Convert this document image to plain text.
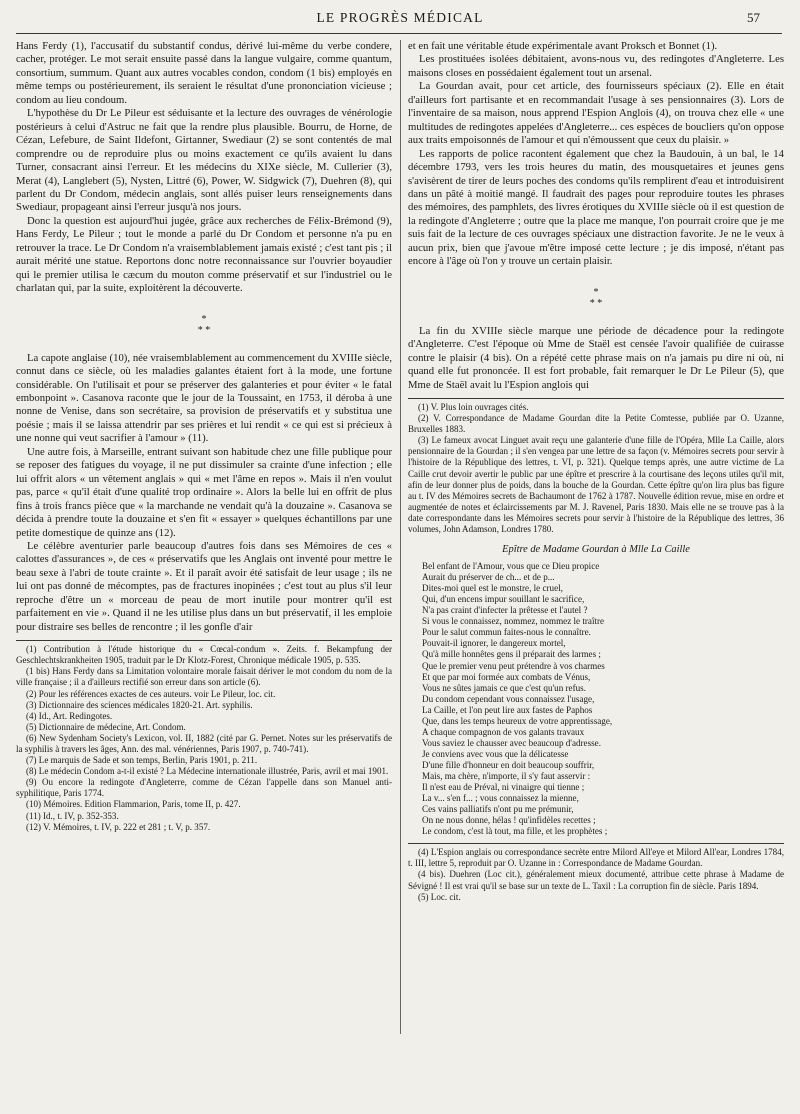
LE PROGRÈS MÉDICAL	57

Hans Ferdy (1), l'accusatif du substantif condus, dérivé lui-même du verbe condere, cacher, protéger. Le mot serait ensuite passé dans la langue vulgaire, comme quantum, consortium, summum. Quant aux autres vocables condon, condom (1 bis) employés en même temps ou postérieurement, ils seraient le résultat d'une prononciation vicieuse ; condom au lieu condoum.

L'hypothèse du Dr Le Pileur est séduisante et la lecture des ouvrages de vénérologie postérieurs à celui d'Astruc ne fait que la rendre plus plausible. Bourru, de Horne, de Cézan, Lefebure, de Saint Ildefont, Girtanner, Swediaur (2) se sont contentés de mal comprendre ou de reproduire plus ou moins exactement ce qu'ils avaient lu dans Turner, consacrant ainsi l'erreur. Et les médecins du XIXe siècle, M. Cullerier (3), Merat (4), Langlebert (5), Nysten, Littré (6), Power, W. Sidgwick (7), Duehren (8), qui parlent du Dr Condom, médecin anglais, sont allés puiser leurs renseignements dans Swediaur, propageant ainsi l'erreur jusqu'à nos jours.

Donc la question est aujourd'hui jugée, grâce aux recherches de Félix-Brémond (9), Hans Ferdy, Le Pileur ; tout le monde a parlé du Dr Condom et personne n'a pu en retrouver la trace. Le Dr Condom n'a vraisemblablement jamais existé ; c'est tant pis ; il aurait mérité une statue. Reportons donc notre reconnaissance sur l'ouvrier boyaudier qui le premier utilisa le cæcum du mouton comme préservatif et sur l'industriel ou le charlatan qui, par la suite, exploitèrent la découverte.

*
* *

La capote anglaise (10), née vraisemblablement au commencement du XVIIIe siècle, connut dans ce siècle, où les maladies galantes étaient fort à la mode, une fortune considérable. On l'utilisait et pour se préserver des galanteries et pour éviter « le fatal embonpoint ». Casanova raconte que le jour de la Toussaint, en 1753, il déroba à une nonne de Venise, dans son secrétaire, sa provision de préservatifs et y substitua une poésie ; mais il se laissa attendrir par ses prières et lui rendit « ce qui est si précieux à une nonne qui veut sacrifier à l'amour » (11).

Une autre fois, à Marseille, entrant suivant son habitude chez une fille publique pour se reposer des fatigues du voyage, il ne put dissimuler sa crainte d'une infection ; elle lui offrit alors « un vêtement anglais » qui « met l'âme en repos ». Mais il n'en voulut pas, parce « qu'il était d'une qualité trop ordinaire ». Alors la belle lui en offrit de plus fins à trois francs pièce que « la marchande ne vendait qu'à la douzaine ». Casanova se décida à prendre toute la douzaine et s'en fit « essayer » quelques échantillons par une petite domestique de quinze ans (12).

Le célèbre aventurier parle beaucoup d'autres fois dans ses Mémoires de ces « calottes d'assurances », de ces « préservatifs que les Anglais ont inventé pour mettre le beau sexe à l'abri de toute crainte ». Et il paraît avoir été satisfait de leur usage ; ils ne lui ont pas donné de mécomptes, pas de fractures inopinées ; c'est tout au plus s'il leur reproche d'être un « morceau de peau de mort inutile pour montrer qu'il est parfaitement en vie ». Quand il ne les utilise plus dans un but préservatif, il les emploie pour distraire ses belles de rencontre ; il les gonfle d'air

(1) Contribution à l'étude historique du « Cœcal-condum ». Zeits. f. Bekampfung der Geschlechtskrankheiten 1905, traduit par le Dr Klotz-Forest, Chronique médicale 1905, p. 535.

(1 bis) Hans Ferdy dans sa Limitation volontaire morale faisait dériver le mot condom du nom de la ville française ; il a d'ailleurs rectifié son erreur dans son article (6).

(2) Pour les références exactes de ces auteurs. voir Le Pileur, loc. cit.

(3) Dictionnaire des sciences médicales 1820-21. Art. syphilis.

(4) Id., Art. Redingotes.

(5) Dictionnaire de médecine, Art. Condom.

(6) New Sydenham Society's Lexicon, vol. II, 1882 (cité par G. Pernet. Notes sur les préservatifs de la syphilis à travers les âges, Ann. des mal. vénériennes, Paris 1907, p. 740-741).

(7) Le marquis de Sade et son temps, Berlin, Paris 1901, p. 211.

(8) Le médecin Condom a-t-il existé ? La Médecine internationale illustrée, Paris, avril et mai 1901.

(9) Ou encore la redingote d'Angleterre, comme de Cézan l'appelle dans son Manuel anti-syphilitique, Paris 1774.

(10) Mémoires. Edition Flammarion, Paris, tome II, p. 427.

(11) Id., t. IV, p. 352-353.

(12) V. Mémoires, t. IV, p. 222 et 281 ; t. V, p. 357.

et en fait une véritable étude expérimentale avant Proksch et Bonnet (1).

Les prostituées isolées débitaient, avons-nous vu, des redingotes d'Angleterre. Les maisons closes en possédaient également tout un arsenal.

La Gourdan avait, pour cet article, des fournisseurs spéciaux (2). Elle en était d'ailleurs fort partisante et en recommandait l'usage à ses pensionnaires (3). Lors de l'inventaire de sa maison, nous apprend l'Espion Anglois (4), on trouva chez elle « une multitudes de redingotes appelées d'Angleterre... ces espèces de boucliers qu'on oppose aux traits empoisonnés de l'amour et qui n'émoussent que ceux du plaisir. »

Les rapports de police racontent également que chez la Baudouin, à un bal, le 14 décembre 1793, vers les trois heures du matin, des mousquetaires et jeunes gens s'avisèrent de tirer de leurs poches des condoms qu'ils remplirent d'eau et introduisirent dans un pâté à moitié mangé. Il faudrait des pages pour reproduire toutes les phrases des mémoires, des pamphlets, des livres érotiques du XVIIIe siècle où il est question de la redingote d'Angleterre ; outre que la place me manque, l'on pourrait croire que je me suis fait de la lecture de ces ouvrages spéciaux une distraction favorite. Je ne le veux à aucun prix, bien que j'avoue m'être imposé cette lecture ; je dis imposé, n'étant pas encore à l'âge où l'on y trouve un certain plaisir.

*
* *

La fin du XVIIIe siècle marque une période de décadence pour la redingote d'Angleterre. C'est l'époque où Mme de Staël est censée l'avoir qualifiée de cuirasse contre le plaisir (4 bis). On a répété cette phrase mais on n'a jamais pu dire ni où, ni quand elle fut prononcée. Il est fort probable, fait remarquer le Dr Le Pileur (5), que Mme de Staël avait lu l'Espion anglois qui

(1) V. Plus loin ouvrages cités.

(2) V. Correspondance de Madame Gourdan dite la Petite Comtesse, publiée par O. Uzanne, Bruxelles 1883.

(3) Le fameux avocat Linguet avait reçu une galanterie d'une fille de l'Opéra, Mlle La Caille, alors pensionnaire de la Gourdan ; il s'en vengea par une lettre de sa façon (v. Mémoires secrets pour servir à l'histoire de la République des lettres, t. VI, p. 321). Quelque temps après, une autre victime de La Caille crut devoir avertir le public par une épître et prescrire à la courtisane des leçons utiles qu'il mit, afin de leur donner plus de poids, dans la bouche de la Gourdan. Cette épître qu'on lira plus bas figure au t. IV des Mémoires secrets de Bachaumont de 1762 à 1787. Nouvelle édition revue, mise en ordre et augmentée de notes et éclaircissements par M. J. Ravenel, Paris 1830. Mais elle ne se trouve pas à la date correspondante dans les Mémoires secrets pour servir à l'histoire de la République des lettres, 36 volumes, John Adamson, Londres 1780.

Epître de Madame Gourdan à Mlle La Caille
Bel enfant de l'Amour, vous que ce Dieu propice
Aurait du préserver de ch... et de p...
Dites-moi quel est le monstre, le cruel,
Qui, d'un encens impur souillant le sacrifice,
N'a pas craint d'infecter la prêtesse et l'autel ?
Si vous le connaissez, nommez, nommez le traître
Pour le salut commun faites-nous le connaître.
Pouvait-il ignorer, le dangereux mortel,
Qu'à mille honnêtes gens il préparait des larmes ;
Que le premier venu peut prétendre à vos charmes
Et que par moi formée aux combats de Vénus,
Vous ne sûtes jamais ce que c'est qu'un refus.
Du condom cependant vous connaissez l'usage,
La Caille, et l'on peut lire aux fastes de Paphos
Que, dans les temps heureux de votre apprentissage,
A chaque compagnon de vos galants travaux
Vous saviez le chausser avec beaucoup d'adresse.
Je conviens avec vous que la délicatesse
D'une fille d'honneur en doit beaucoup souffrir,
Mais, ma chère, n'importe, il s'y faut asservir :
Il n'est eau de Préval, ni vinaigre qui tienne ;
La v... s'en f... ; vous connaissez la mienne,
Ces vains palliatifs n'ont pu me prémunir,
On ne nous donne, hélas ! qu'infidèles recettes ;
Le condom, c'est là tout, ma fille, et les prophètes ;

(4) L'Espion anglais ou correspondance secrète entre Milord All'eye et Milord All'ear, Londres 1784, t. III, lettre 5, reproduit par O. Uzanne in : Correspondance de Madame Gourdan.

(4 bis). Duehren (Loc cit.), généralement mieux documenté, attribue cette phrase à Madame de Sévigné ! Il est vrai qu'il se base sur un texte de L. Taxil : La corruption fin de siècle. Paris 1894.

(5) Loc. cit.
